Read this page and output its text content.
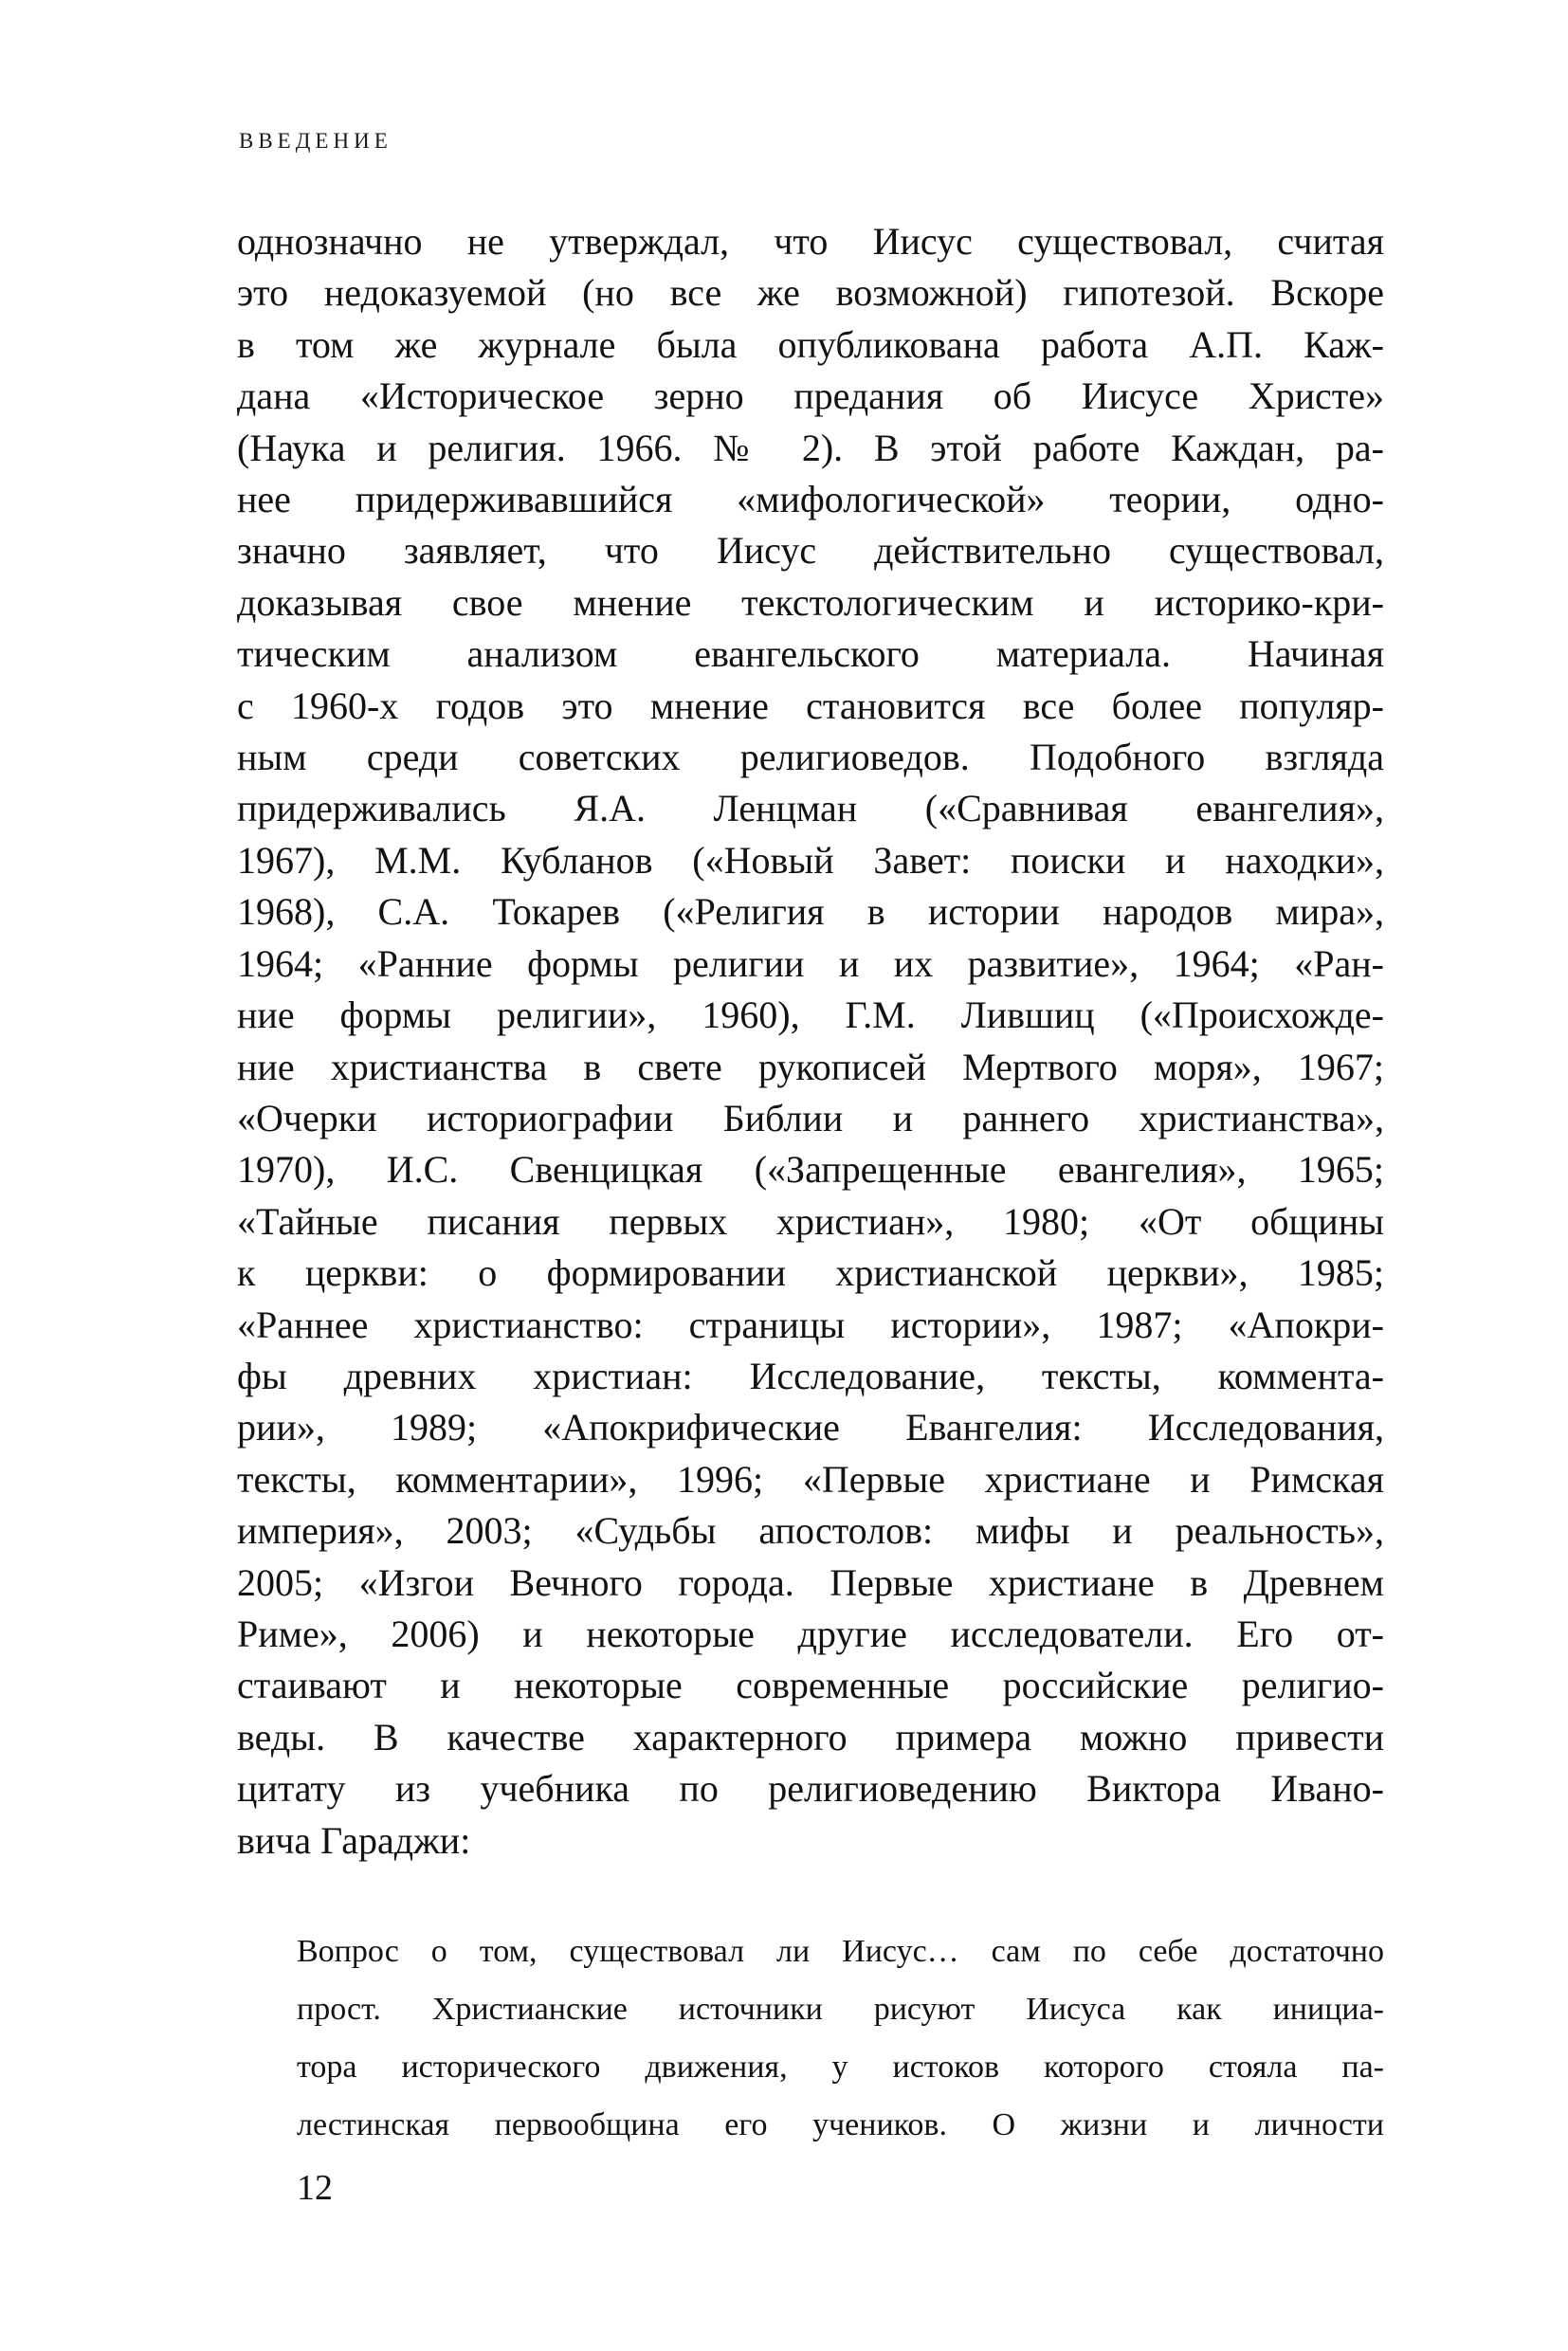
ВВЕДЕНИЕ
однозначно не утверждал, что Иисус существовал, считая
это недоказуемой (но все же возможной) гипотезой. Вскоре
в том же журнале была опубликована работа А.П. Каж-
дана «Историческое зерно предания об Иисусе Христе»
(Наука и религия. 1966. № 2). В этой работе Каждан, ра-
нее придерживавшийся «мифологической» теории, одно-
значно заявляет, что Иисус действительно существовал,
доказывая свое мнение текстологическим и историко-кри-
тическим анализом евангельского материала. Начиная
с 1960-х годов это мнение становится все более популяр-
ным среди советских религиоведов. Подобного взгляда
придерживались Я.А. Ленцман («Сравнивая евангелия»,
1967), М.М. Кубланов («Новый Завет: поиски и находки»,
1968), С.А. Токарев («Религия в истории народов мира»,
1964; «Ранние формы религии и их развитие», 1964; «Ран-
ние формы религии», 1960), Г.М. Лившиц («Происхожде-
ние христианства в свете рукописей Мертвого моря», 1967;
«Очерки историографии Библии и раннего христианства»,
1970), И.С. Свенцицкая («Запрещенные евангелия», 1965;
«Тайные писания первых христиан», 1980; «От общины
к церкви: о формировании христианской церкви», 1985;
«Раннее христианство: страницы истории», 1987; «Апокри-
фы древних христиан: Исследование, тексты, коммента-
рии», 1989; «Апокрифические Евангелия: Исследования,
тексты, комментарии», 1996; «Первые христиане и Римская
империя», 2003; «Судьбы апостолов: мифы и реальность»,
2005; «Изгои Вечного города. Первые христиане в Древнем
Риме», 2006) и некоторые другие исследователи. Его от-
стаивают и некоторые современные российские религио-
веды. В качестве характерного примера можно привести
цитату из учебника по религиоведению Виктора Ивано-
вича Гараджи:
Вопрос о том, существовал ли Иисус… сам по себе достаточно
прост. Христианские источники рисуют Иисуса как инициа-
тора исторического движения, у истоков которого стояла па-
лестинская первообщина его учеников. О жизни и личности
12
